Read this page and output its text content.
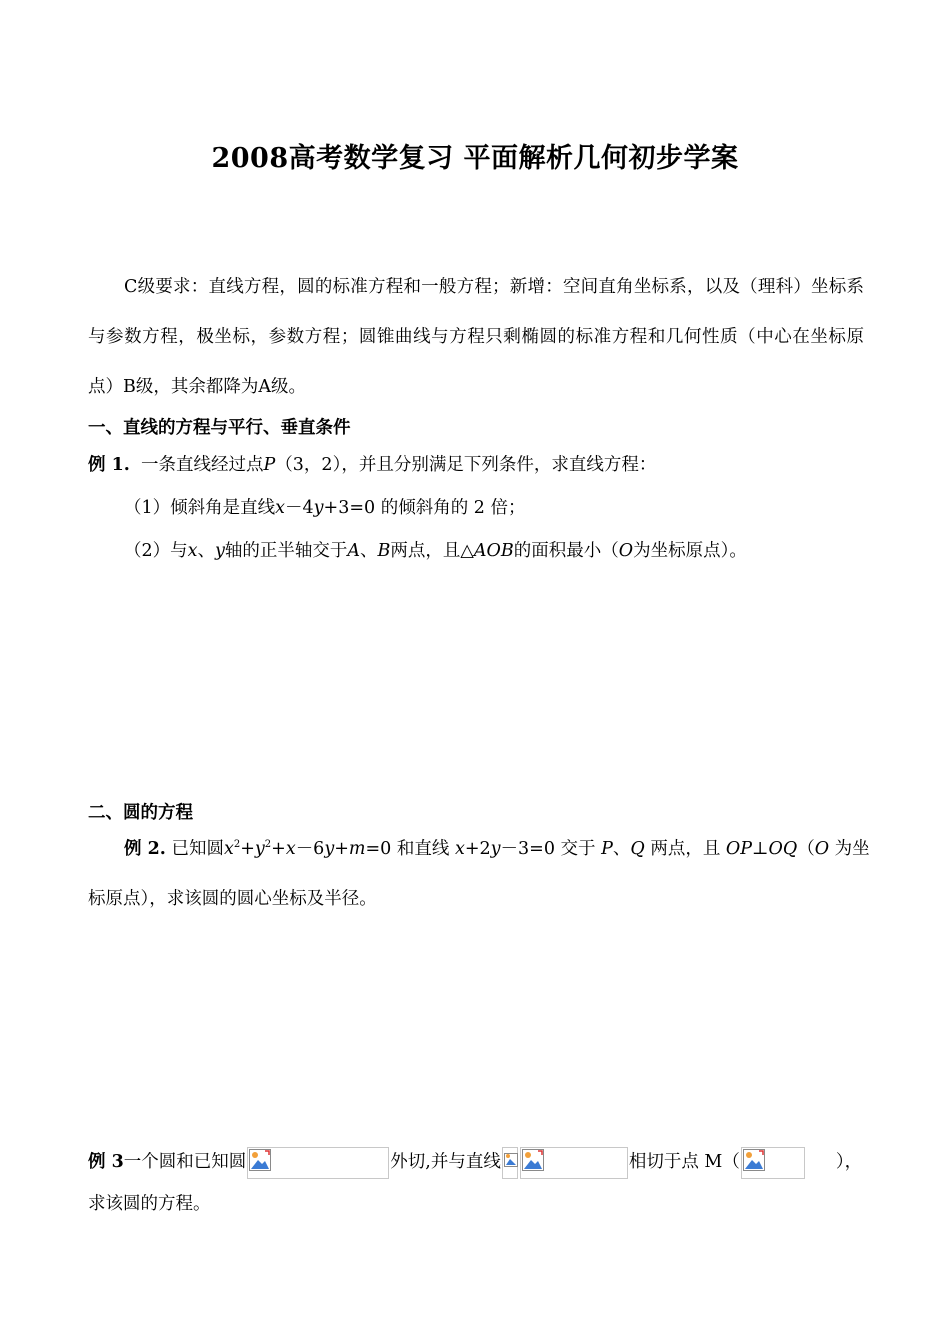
2008高考数学复习 平面解析几何初步学案
C级要求：直线方程，圆的标准方程和一般方程；新增：空间直角坐标系，以及（理科）坐标系与参数方程，极坐标，参数方程；圆锥曲线与方程只剩椭圆的标准方程和几何性质（中心在坐标原点）B级，其余都降为A级。
一、直线的方程与平行、垂直条件
例 1. 一条直线经过点P（3，2），并且分别满足下列条件，求直线方程：
（1）倾斜角是直线x－4y+3=0 的倾斜角的 2 倍；
（2）与x、y轴的正半轴交于A、B两点，且△AOB的面积最小（O为坐标原点）。
二、圆的方程
例 2. 已知圆$x^2+y^2+x-6y+m=0$ 和直线 x+2y－3=0 交于 P、Q 两点，且 OP⊥OQ（O 为坐
标原点），求该圆的圆心坐标及半径。
例 3一个圆和已知圆	外切,并与直线	相切于点 M（	），
求该圆的方程。
